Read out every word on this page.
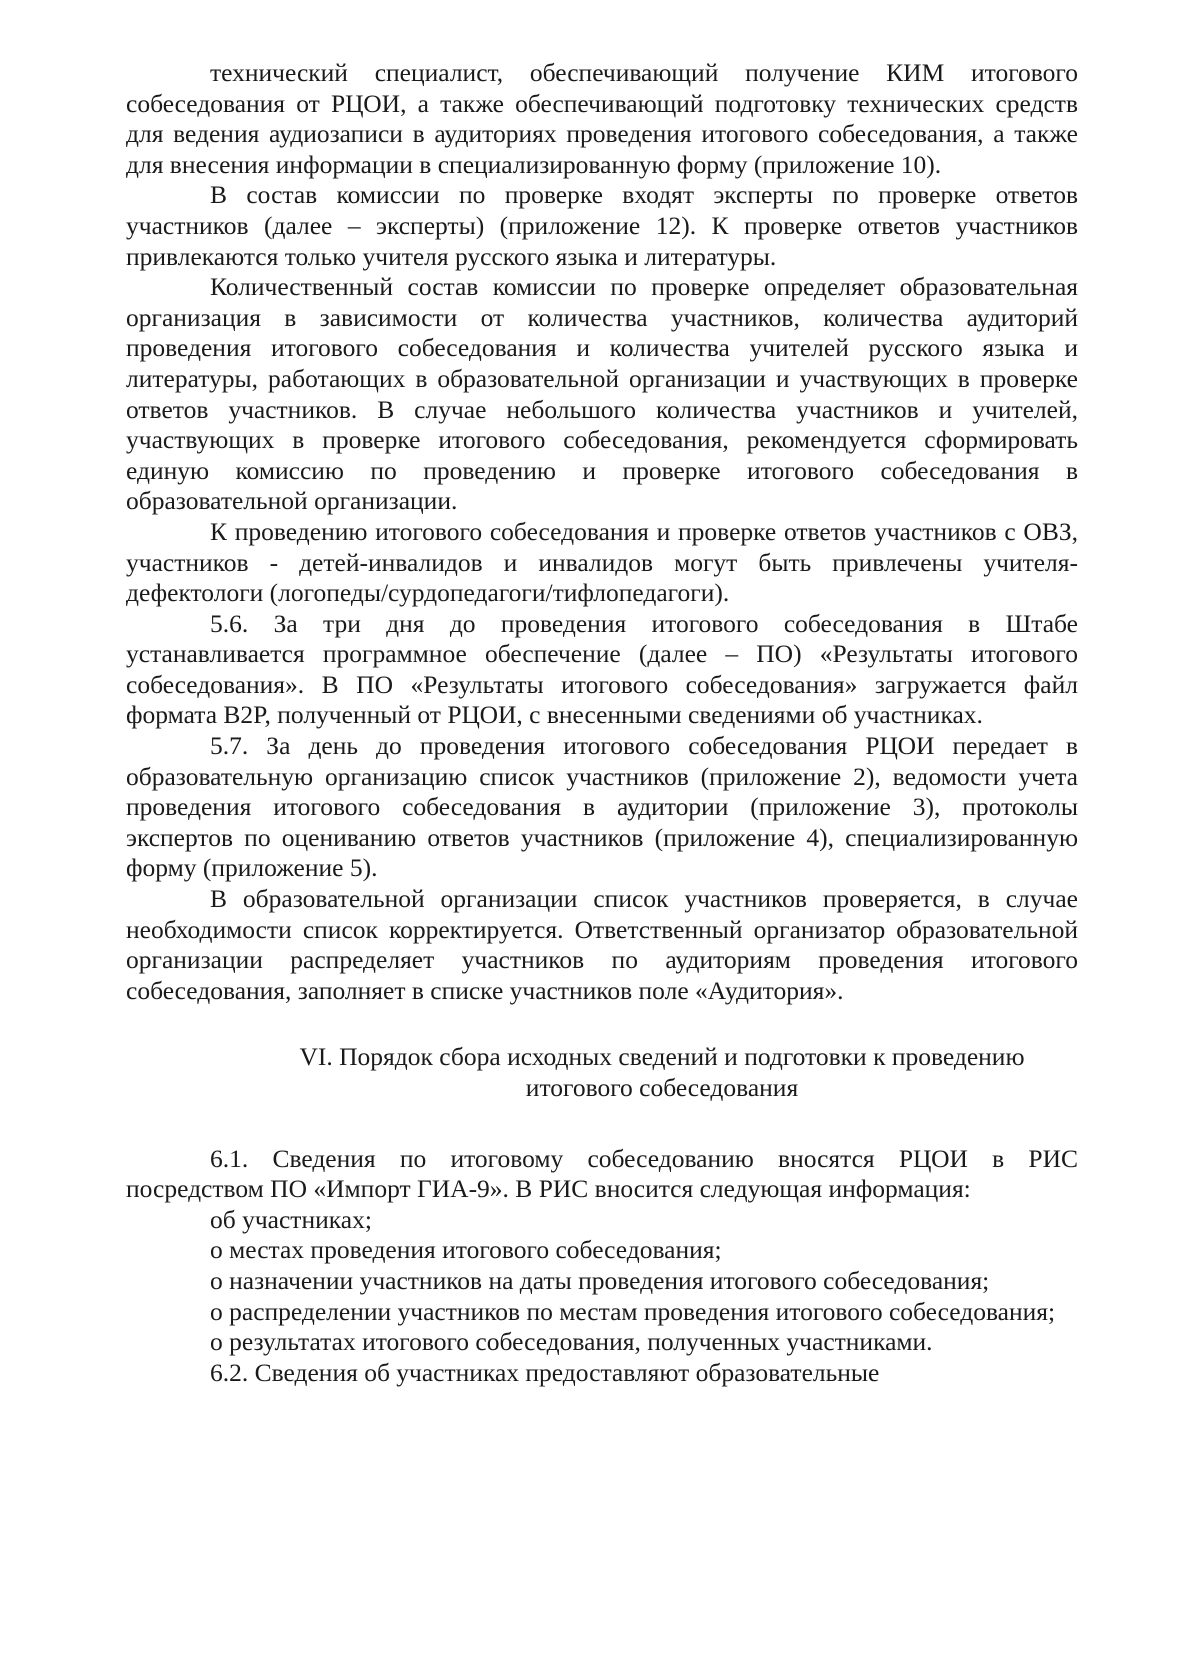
технический специалист, обеспечивающий получение КИМ итогового собеседования от РЦОИ, а также обеспечивающий подготовку технических средств для ведения аудиозаписи в аудиториях проведения итогового собеседования, а также для внесения информации в специализированную форму (приложение 10).

В состав комиссии по проверке входят эксперты по проверке ответов участников (далее – эксперты) (приложение 12). К проверке ответов участников привлекаются только учителя русского языка и литературы.

Количественный состав комиссии по проверке определяет образовательная организация в зависимости от количества участников, количества аудиторий проведения итогового собеседования и количества учителей русского языка и литературы, работающих в образовательной организации и участвующих в проверке ответов участников. В случае небольшого количества участников и учителей, участвующих в проверке итогового собеседования, рекомендуется сформировать единую комиссию по проведению и проверке итогового собеседования в образовательной организации.

К проведению итогового собеседования и проверке ответов участников с ОВЗ, участников - детей-инвалидов и инвалидов могут быть привлечены учителя-дефектологи (логопеды/сурдопедагоги/тифлопедагоги).

5.6. За три дня до проведения итогового собеседования в Штабе устанавливается программное обеспечение (далее – ПО) «Результаты итогового собеседования». В ПО «Результаты итогового собеседования» загружается файл формата B2P, полученный от РЦОИ, с внесенными сведениями об участниках.

5.7. За день до проведения итогового собеседования РЦОИ передает в образовательную организацию список участников (приложение 2), ведомости учета проведения итогового собеседования в аудитории (приложение 3), протоколы экспертов по оцениванию ответов участников (приложение 4), специализированную форму (приложение 5).

В образовательной организации список участников проверяется, в случае необходимости список корректируется. Ответственный организатор образовательной организации распределяет участников по аудиториям проведения итогового собеседования, заполняет в списке участников поле «Аудитория».

VI. Порядок сбора исходных сведений и подготовки к проведению
итогового собеседования

6.1. Сведения по итоговому собеседованию вносятся РЦОИ в РИС посредством ПО «Импорт ГИА-9». В РИС вносится следующая информация:

об участниках;

о местах проведения итогового собеседования;

о назначении участников на даты проведения итогового собеседования;

о распределении участников по местам проведения итогового собеседования;

о результатах итогового собеседования, полученных участниками.

6.2. Сведения об участниках предоставляют образовательные
